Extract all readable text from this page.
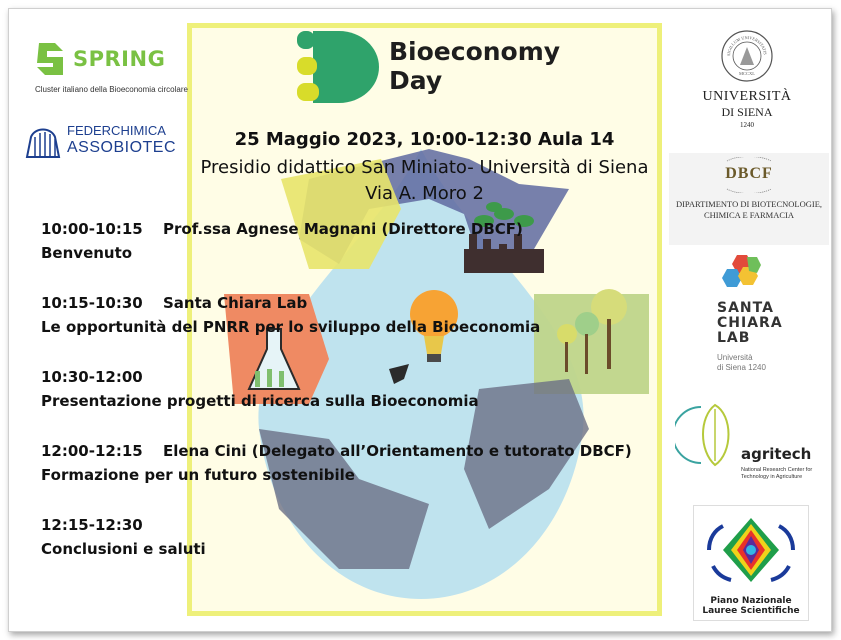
Bioeconomy
Day
25 Maggio 2023, 10:00-12:30 Aula 14
Presidio didattico San Miniato- Università di Siena
Via A. Moro 2
10:00-10:15 Prof.ssa Agnese Magnani (Direttore DBCF)
Benvenuto
10:15-10:30 Santa Chiara Lab
Le opportunità del PNRR per lo sviluppo della Bioeconomia
10:30-12:00
Presentazione progetti di ricerca sulla Bioeconomia
12:00-12:15 Elena Cini (Delegato all’Orientamento e tutorato DBCF)
Formazione per un futuro sostenibile
12:15-12:30
Conclusioni e saluti
SPRING
Cluster italiano della Bioeconomia circolare
FEDERCHIMICA
ASSOBIOTEC
SIGILLUM UNIVERSITATIS
MCCXL
UNIVERSITÀ
DI SIENA
1240
DBCF
DIPARTIMENTO DI BIOTECNOLOGIE,
CHIMICA E FARMACIA
SANTA
CHIARA
LAB
Università
di Siena 1240
agritech
National Research Center for
Technology in Agriculture
Piano Nazionale
Lauree Scientifiche
